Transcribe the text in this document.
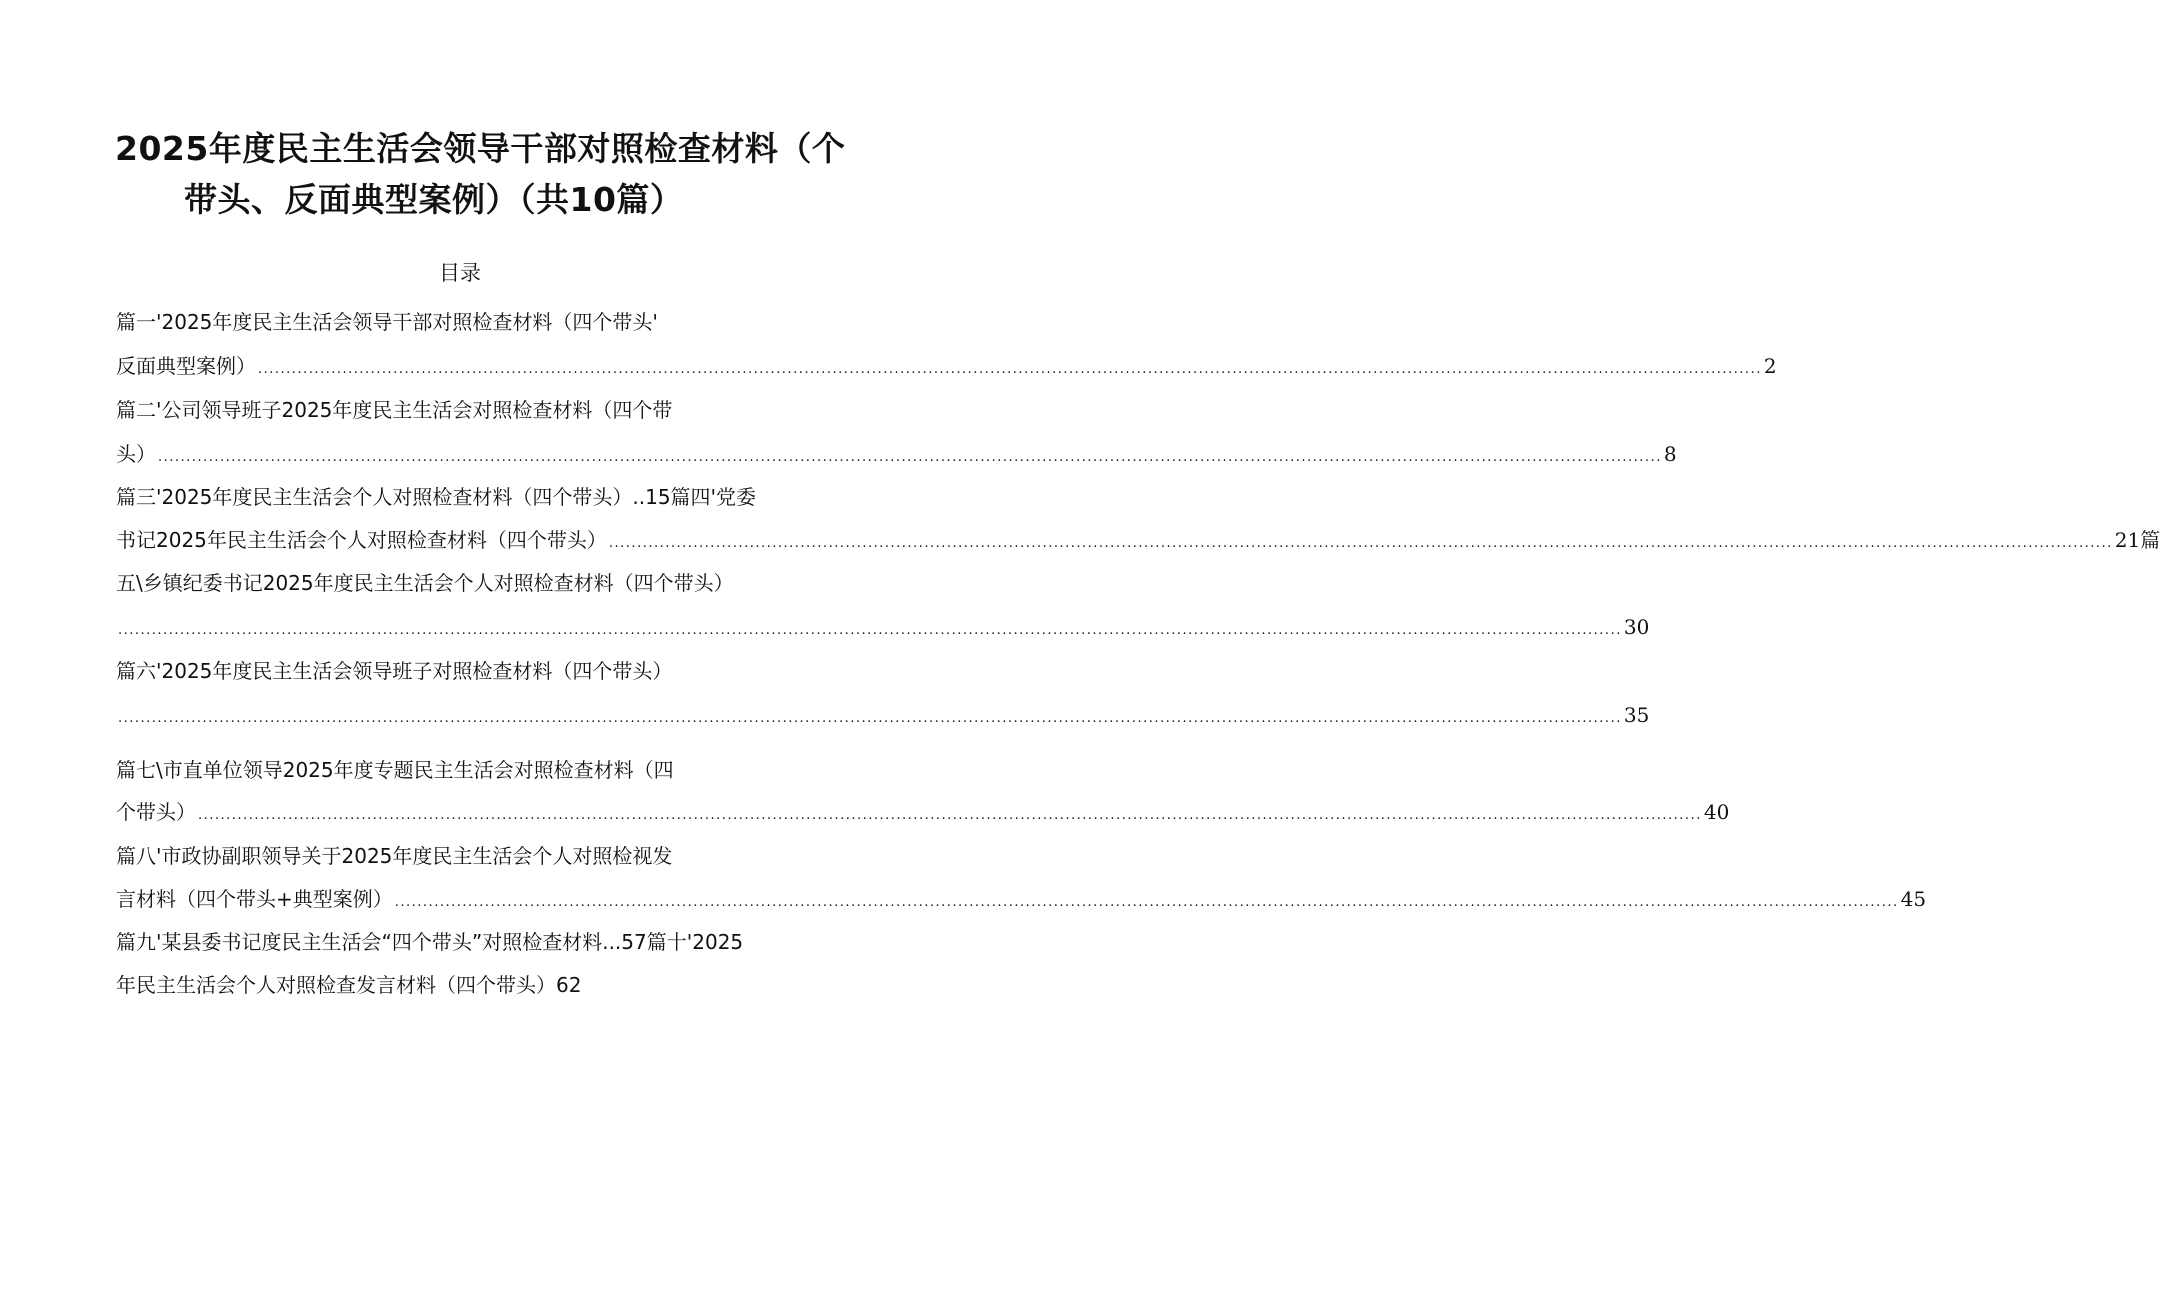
2025年度民主生活会领导干部对照检查材料（个
带头、反面典型案例）（共10篇）
目录
篇一'2025年度民主生活会领导干部对照检查材料（四个带头'
反面典型案例） ........................................................................................................................................................................................................................................................................... 2
篇二'公司领导班子2025年度民主生活会对照检查材料（四个带
头） ........................................................................................................................................................................................................................................................................... 8
篇三'2025年度民主生活会个人对照检查材料（四个带头）..15篇四'党委
书记2025年民主生活会个人对照检查材料（四个带头） ........................................................................................................................................................................................................................................................................... 21篇
五\乡镇纪委书记2025年度民主生活会个人对照检查材料（四个带头）
........................................................................................................................................................................................................................................................................... 30
篇六'2025年度民主生活会领导班子对照检查材料（四个带头）
........................................................................................................................................................................................................................................................................... 35
篇七\市直单位领导2025年度专题民主生活会对照检查材料（四
个带头） ........................................................................................................................................................................................................................................................................... 40
篇八'市政协副职领导关于2025年度民主生活会个人对照检视发
言材料（四个带头+典型案例） ........................................................................................................................................................................................................................................................................... 45
篇九'某县委书记度民主生活会“四个带头”对照检查材料...57篇十'2025
年民主生活会个人对照检查发言材料（四个带头）62
